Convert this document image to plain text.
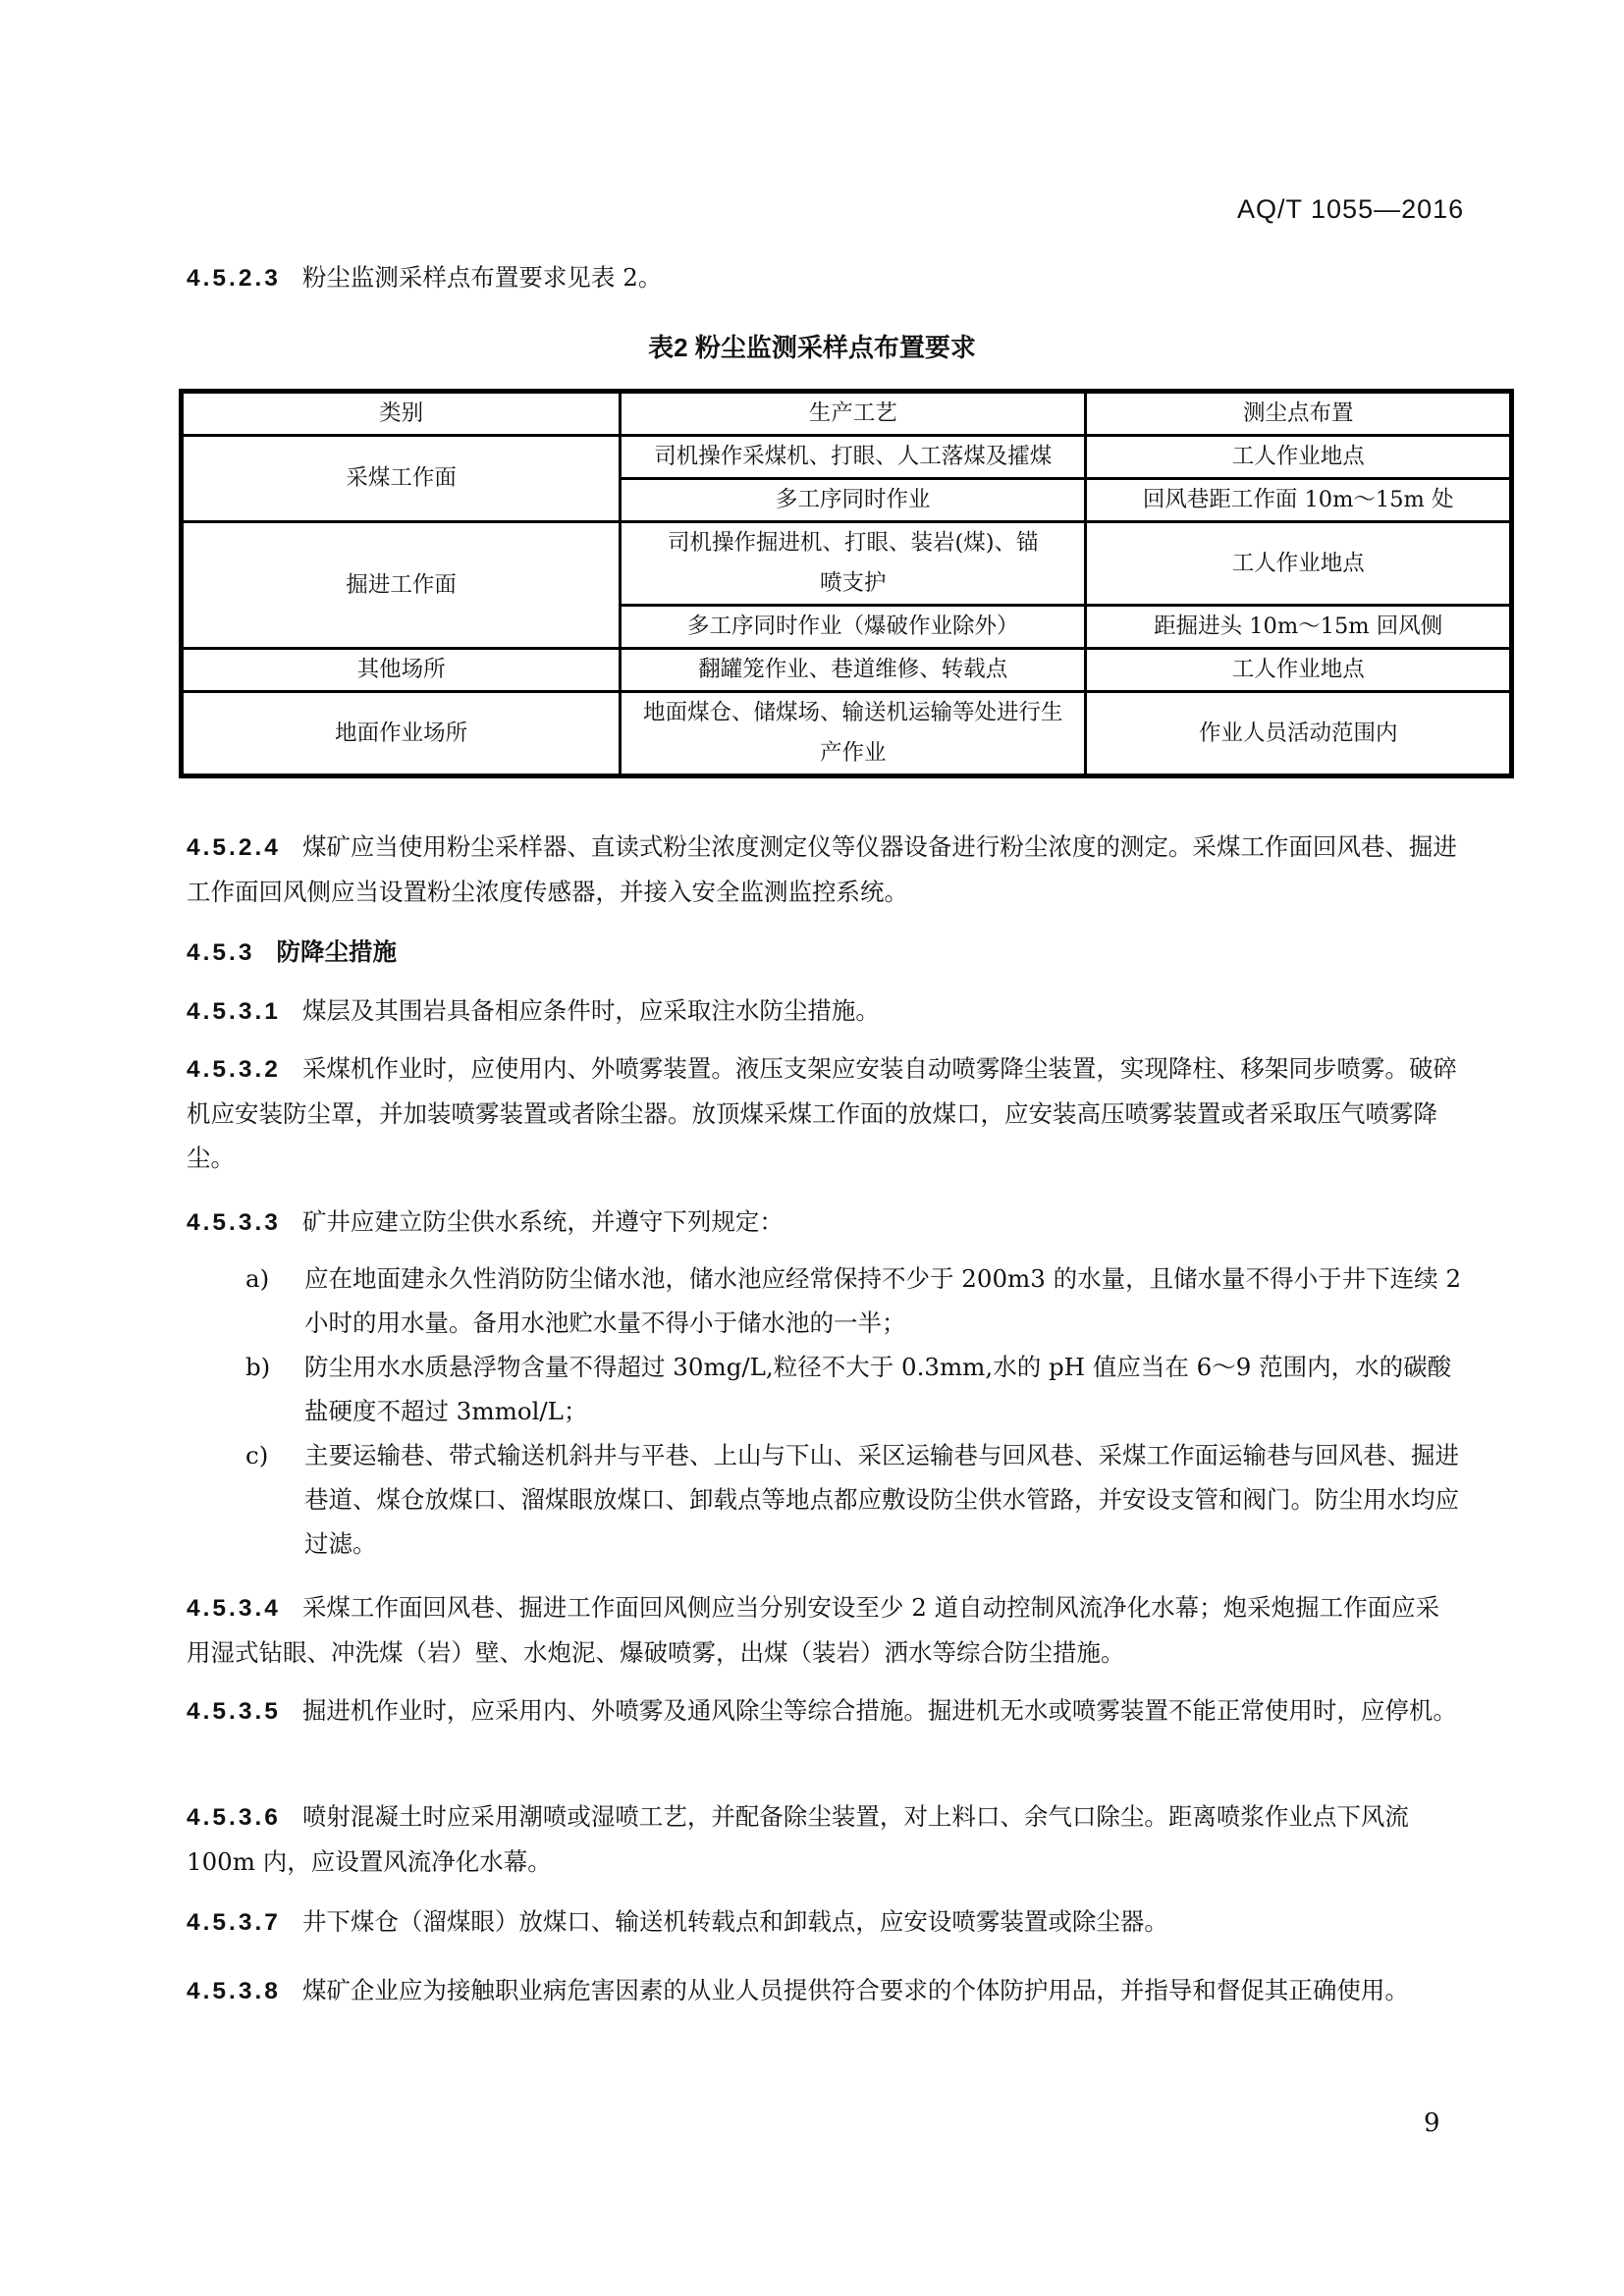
AQ/T 1055—2016
4.5.2.3 粉尘监测采样点布置要求见表 2。
表2 粉尘监测采样点布置要求
类别	生产工艺	测尘点布置
采煤工作面	司机操作采煤机、打眼、人工落煤及攉煤	工人作业地点
	多工序同时作业	回风巷距工作面 10m～15m 处
掘进工作面	司机操作掘进机、打眼、装岩(煤)、锚喷支护	工人作业地点
	多工序同时作业（爆破作业除外）	距掘进头 10m～15m 回风侧
其他场所	翻罐笼作业、巷道维修、转载点	工人作业地点
地面作业场所	地面煤仓、储煤场、输送机运输等处进行生产作业	作业人员活动范围内
4.5.2.4 煤矿应当使用粉尘采样器、直读式粉尘浓度测定仪等仪器设备进行粉尘浓度的测定。采煤工作面回风巷、掘进工作面回风侧应当设置粉尘浓度传感器，并接入安全监测监控系统。
4.5.3 防降尘措施
4.5.3.1 煤层及其围岩具备相应条件时，应采取注水防尘措施。
4.5.3.2 采煤机作业时，应使用内、外喷雾装置。液压支架应安装自动喷雾降尘装置，实现降柱、移架同步喷雾。破碎机应安装防尘罩，并加装喷雾装置或者除尘器。放顶煤采煤工作面的放煤口，应安装高压喷雾装置或者采取压气喷雾降尘。
4.5.3.3 矿井应建立防尘供水系统，并遵守下列规定：
a) 应在地面建永久性消防防尘储水池，储水池应经常保持不少于 200m3 的水量，且储水量不得小于井下连续 2 小时的用水量。备用水池贮水量不得小于储水池的一半；
b) 防尘用水水质悬浮物含量不得超过 30mg/L,粒径不大于 0.3mm,水的 pH 值应当在 6～9 范围内，水的碳酸盐硬度不超过 3mmol/L；
c) 主要运输巷、带式输送机斜井与平巷、上山与下山、采区运输巷与回风巷、采煤工作面运输巷与回风巷、掘进巷道、煤仓放煤口、溜煤眼放煤口、卸载点等地点都应敷设防尘供水管路，并安设支管和阀门。防尘用水均应过滤。
4.5.3.4 采煤工作面回风巷、掘进工作面回风侧应当分别安设至少 2 道自动控制风流净化水幕；炮采炮掘工作面应采用湿式钻眼、冲洗煤（岩）壁、水炮泥、爆破喷雾，出煤（装岩）洒水等综合防尘措施。
4.5.3.5 掘进机作业时，应采用内、外喷雾及通风除尘等综合措施。掘进机无水或喷雾装置不能正常使用时，应停机。
4.5.3.6 喷射混凝土时应采用潮喷或湿喷工艺，并配备除尘装置，对上料口、余气口除尘。距离喷浆作业点下风流 100m 内，应设置风流净化水幕。
4.5.3.7 井下煤仓（溜煤眼）放煤口、输送机转载点和卸载点，应安设喷雾装置或除尘器。
4.5.3.8 煤矿企业应为接触职业病危害因素的从业人员提供符合要求的个体防护用品，并指导和督促其正确使用。
9
